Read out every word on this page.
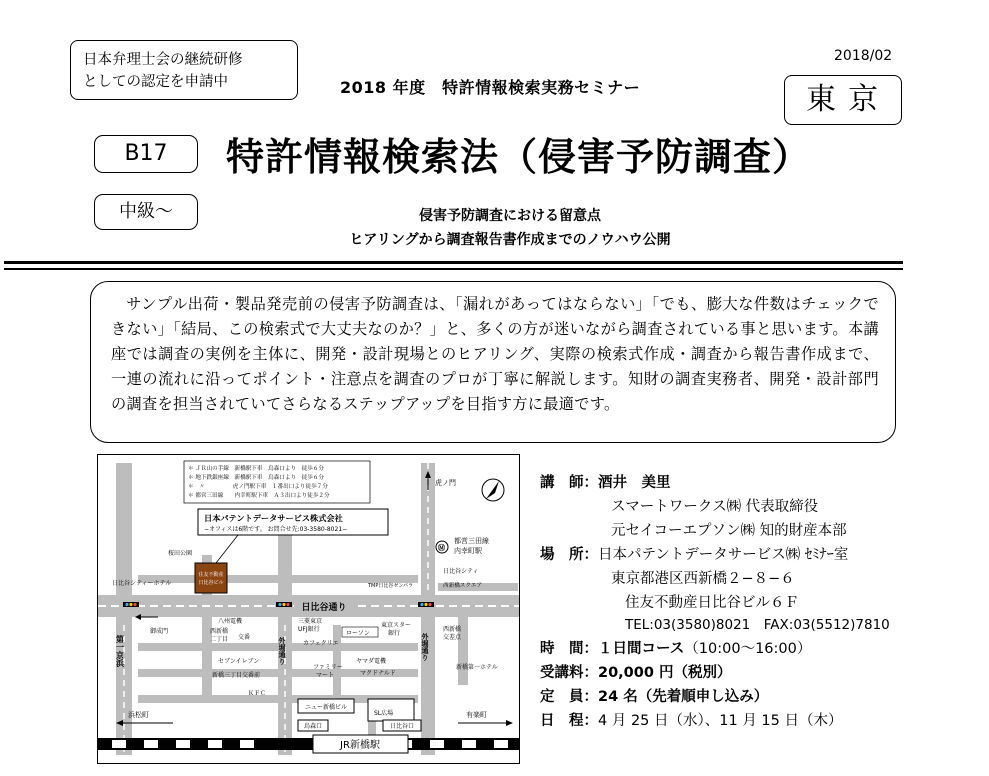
日本弁理士会の継続研修
としての認定を申請中
2018/02
2018 年度　特許情報検索実務セミナー	東京
B17	特許情報検索法（侵害予防調査）
中級〜	侵害予防調査における留意点
ヒアリングから調査報告書作成までのノウハウ公開

サンプル出荷・製品発売前の侵害予防調査は、「漏れがあってはならない」「でも、膨大な件数はチェックできない」「結局、この検索式で大丈夫なのか？」と、多くの方が迷いながら調査されている事と思います。本講座では調査の実例を主体に、開発・設計現場とのヒアリング、実際の検索式作成・調査から報告書作成まで、一連の流れに沿ってポイント・注意点を調査のプロが丁寧に解説します。知財の調査実務者、開発・設計部門の調査を担当されていてさらなるステップアップを目指す方に最適です。

JR新橋駅
＊ ＪＲ山の手線　新橋駅下車　烏森口より　徒歩６分
＊ 地下鉄銀座線　新橋駅下車　烏森口より　徒歩６分
＊　〃　　　　　虎ノ門駅下車　１番出口より徒歩７分
＊ 都営三田線　　内幸町駅下車　Ａ３出口より徒歩２分
日本パテントデータサービス株式会社
−オフィスは6階です。 お問合せ先:03-3580-8021−
住友不動産
日比谷ビル
桜田公園
日比谷シティーホテル
日比谷シティ
西新橋スクエア
TMP日比谷ゼンパラ
虎ノ門
Ⓜ
都営三田線
内幸町駅
日比谷通り
第一京浜	外堀通り	外堀通り
御成門	西新橋
二丁目 交番
八州電機	三菱東京
UFJ銀行
ローソン
カフェクリエ
東京スター
銀行
西新橋
交差点
ファミリー
マート
ヤマダ電機
マクドナルド
新橋第一ホテル
セブンイレブン
新橋三丁目交番前
ＫＦＣ
ニュー新橋ビル
SL広場
烏森口	日比谷口
浜松町	有楽町
講　師：酒井　美里
スマートワークス㈱ 代表取締役
元セイコーエプソン㈱ 知的財産本部
場　所：日本パテントデータサービス㈱ ｾﾐﾅｰ室
東京都港区西新橋２−８−６
住友不動産日比谷ビル６Ｆ
TEL:03(3580)8021　FAX:03(5512)7810
時　間：１日間コース（10:00〜16:00）
受講料：20,000 円（税別）
定　員：24 名（先着順申し込み）
日　程：4 月 25 日（水）、11 月 15 日（木）
